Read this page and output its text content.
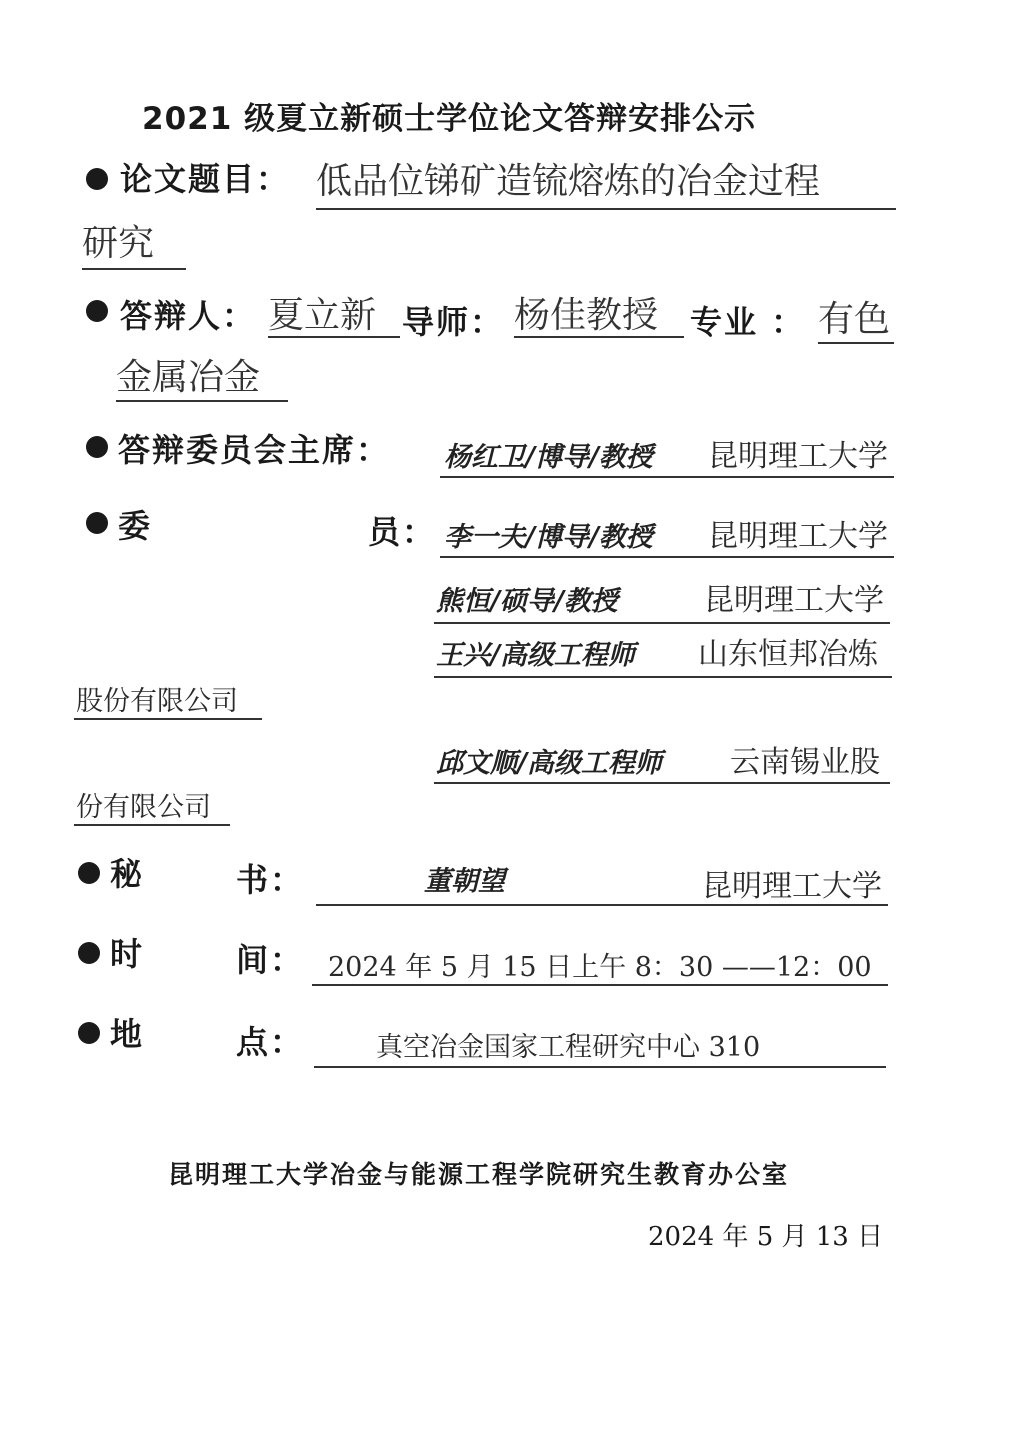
2021 级夏立新硕士学位论文答辩安排公示
论文题目： 低品位锑矿造锍熔炼的冶金过程
研究
答辩人： 夏立新 导师： 杨佳教授 专业 ： 有色
金属冶金
答辩委员会主席： 杨红卫/博导/教授 昆明理工大学
委	员： 李一夫/博导/教授 昆明理工大学
熊恒/硕导/教授	昆明理工大学
王兴/高级工程师 山东恒邦冶炼
股份有限公司
邱文顺/高级工程师 云南锡业股
份有限公司
秘	书：	董朝望	昆明理工大学
时	间： 2024 年 5 月 15 日上午 8：30 ——12：00
地	点：	真空冶金国家工程研究中心 310
昆明理工大学冶金与能源工程学院研究生教育办公室
2024 年 5 月 13 日
